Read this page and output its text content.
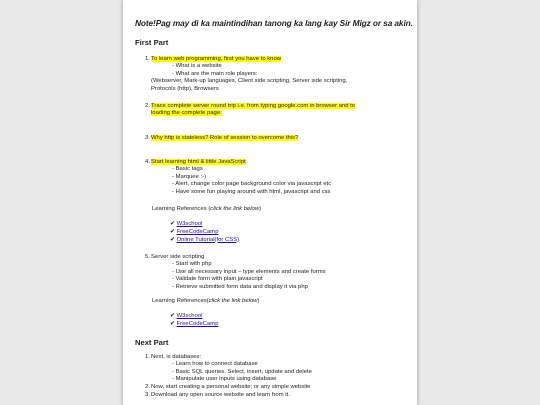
Note!Pag may di ka maintindihan tanong ka lang kay Sir Migz or sa akin.
First Part
1. To learn web programming, first you have to know
- What is a website
- What are the main role players:
(Webserver, Mark-up languages, Client side scripting, Server side scripting,
Protocols (http), Browsers
2. Trace complete server round trip i.e. from typing google.com in browser and to
loading the complete page.
3. Why http is stateless? Role of session to overcome this?
4. Start learning html & little JavaScript
- Basic tags
- Marquee :-)
- Alert, change color page background color via javascript etc
- Have some fun playing around with html, javascript and css
Learning References (click the link below)
✔ W3school
✔ FreeCodeCamp
✔ Online Tutorial(for CSS)
5. Server side scripting
- Start with php
- Use all necessary input – type elements and create forms
- Validate form with plain javascript
- Retrieve submitted form data and display it via php
Learning References(click the link below)
✔ W3school
✔ FreeCodeCamp
Next Part
1. Next, is databases:
- Learn how to connect database
- Basic SQL queries. Select, insert, update and delete
- Manipulate user inputs using database
2. Now, start creating a personal website; or any simple website
3. Download any open source website and learn from it.
